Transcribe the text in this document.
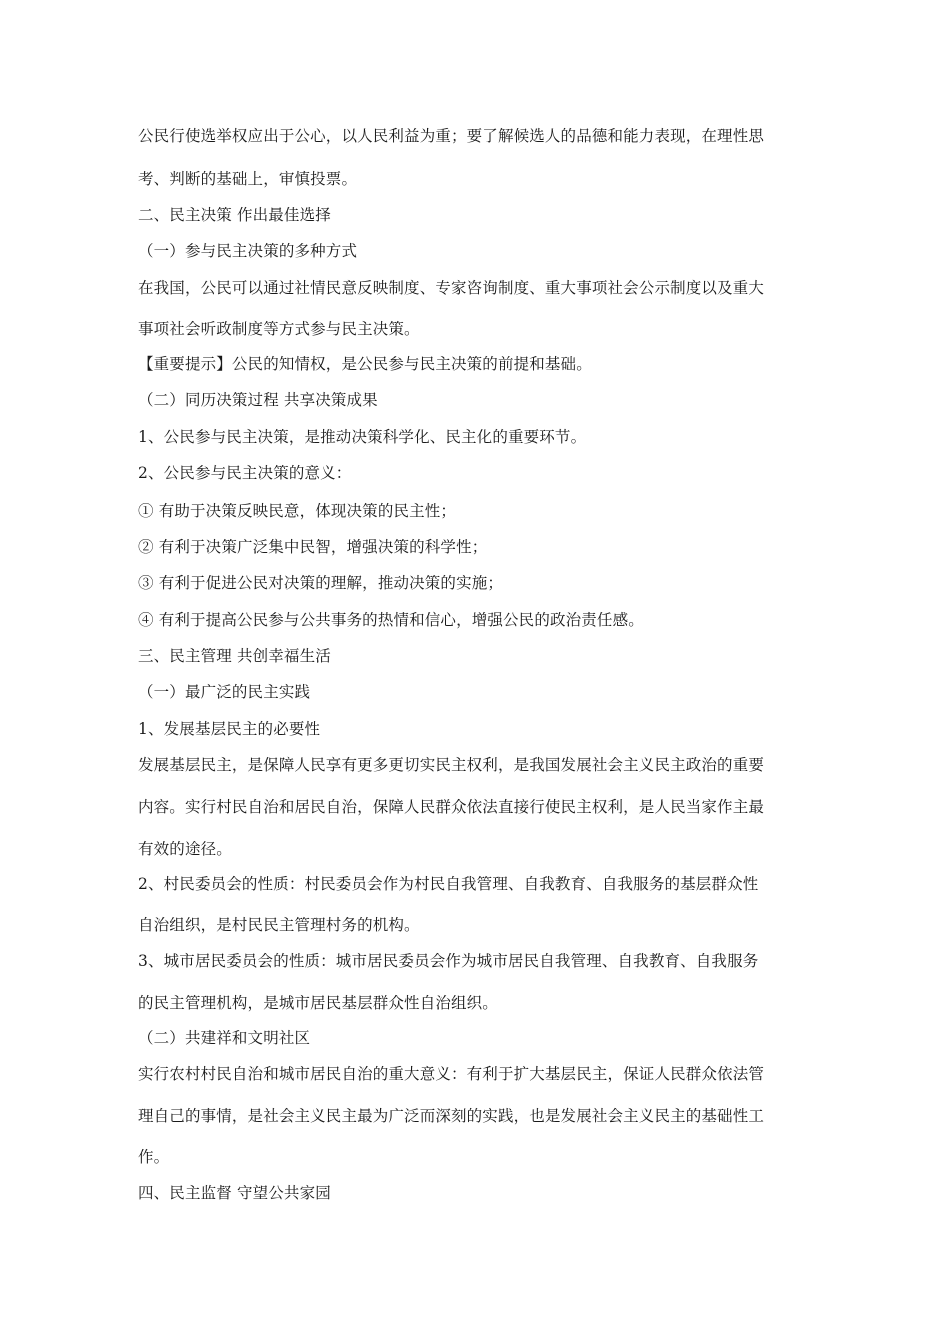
公民行使选举权应出于公心，以人民利益为重；要了解候选人的品德和能力表现，在理性思
考、判断的基础上，审慎投票。
二、民主决策 作出最佳选择
（一）参与民主决策的多种方式
在我国，公民可以通过社情民意反映制度、专家咨询制度、重大事项社会公示制度以及重大
事项社会听政制度等方式参与民主决策。
【重要提示】公民的知情权，是公民参与民主决策的前提和基础。
（二）同历决策过程 共享决策成果
1、公民参与民主决策，是推动决策科学化、民主化的重要环节。
2、公民参与民主决策的意义：
① 有助于决策反映民意，体现决策的民主性；
② 有利于决策广泛集中民智，增强决策的科学性；
③ 有利于促进公民对决策的理解，推动决策的实施；
④ 有利于提高公民参与公共事务的热情和信心，增强公民的政治责任感。
三、民主管理 共创幸福生活
（一）最广泛的民主实践
1、发展基层民主的必要性
发展基层民主，是保障人民享有更多更切实民主权利，是我国发展社会主义民主政治的重要
内容。实行村民自治和居民自治，保障人民群众依法直接行使民主权利，是人民当家作主最
有效的途径。
2、村民委员会的性质：村民委员会作为村民自我管理、自我教育、自我服务的基层群众性
自治组织，是村民民主管理村务的机构。
3、城市居民委员会的性质：城市居民委员会作为城市居民自我管理、自我教育、自我服务
的民主管理机构，是城市居民基层群众性自治组织。
（二）共建祥和文明社区
实行农村村民自治和城市居民自治的重大意义：有利于扩大基层民主，保证人民群众依法管
理自己的事情，是社会主义民主最为广泛而深刻的实践，也是发展社会主义民主的基础性工
作。
四、民主监督 守望公共家园
